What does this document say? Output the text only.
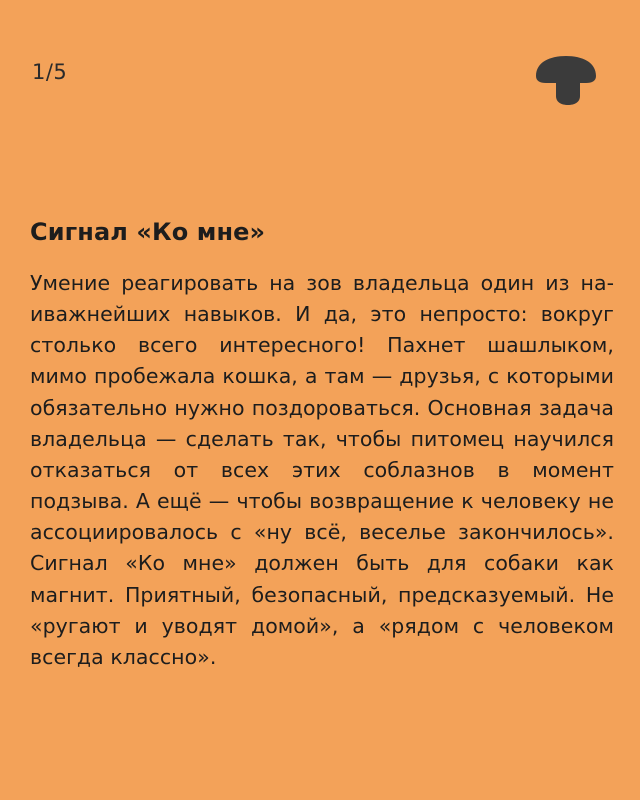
1/5
Сигнал «Ко мне»

Умение реагировать на зов владельца один из наиважнейших навыков. И да, это непросто: вокруг столько всего интересного! Пахнет шашлыком, мимо пробежала кошка, а там — друзья, с которыми обязательно нужно поздороваться. Основная задача владельца — сделать так, чтобы питомец научился отказаться от всех этих соблазнов в момент подзыва. А ещё — чтобы возвращение к человеку не ассоциировалось с «ну всё, веселье закончилось». Сигнал «Ко мне» должен быть для собаки как магнит. Приятный, безопасный, предсказуемый. Не «ругают и уводят домой», а «рядом с человеком всегда классно».
